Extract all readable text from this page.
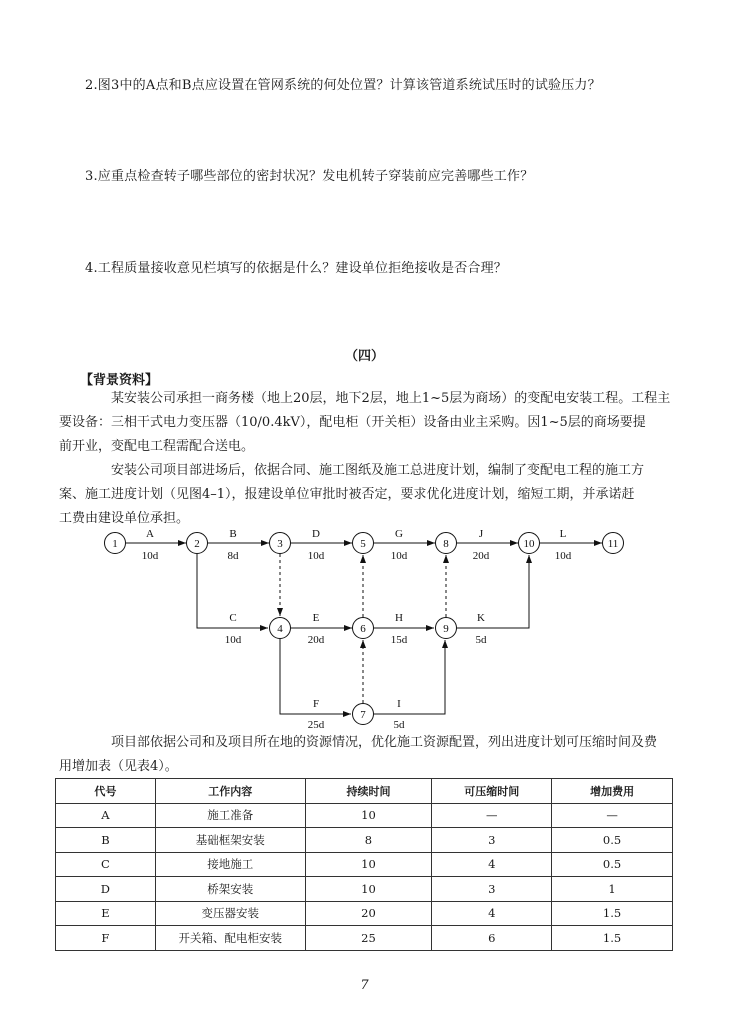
2.图3中的A点和B点应设置在管网系统的何处位置？计算该管道系统试压时的试验压力？
3.应重点检查转子哪些部位的密封状况？发电机转子穿装前应完善哪些工作？
4.工程质量接收意见栏填写的依据是什么？建设单位拒绝接收是否合理？
（四）
【背景资料】
某安装公司承担一商务楼（地上20层，地下2层，地上1~5层为商场）的变配电安装工程。工程主
要设备：三相干式电力变压器（10/0.4kV），配电柜（开关柜）设备由业主采购。因1~5层的商场要提
前开业，变配电工程需配合送电。
安装公司项目部进场后，依据合同、施工图纸及施工总进度计划，编制了变配电工程的施工方
案、施工进度计划（见图4–1），报建设单位审批时被否定，要求优化进度计划，缩短工期，并承诺赶
工费由建设单位承担。
1	2	3
4
5
6
7
8
9
10	11
A
10d
B
8d
D
10d
G
10d
J
20d
L
10d
C
10d
E
20d
H
15d
K
5d
F
25d
I
5d
项目部依据公司和及项目所在地的资源情况，优化施工资源配置，列出进度计划可压缩时间及费
用增加表（见表4）。
代号	工作内容	持续时间	可压缩时间	增加费用
A	施工准备	10	—	—
B	基础框架安装	8	3	0.5
C	接地施工	10	4	0.5
D	桥架安装	10	3	1
E	变压器安装	20	4	1.5
F	开关箱、配电柜安装	25	6	1.5
7
